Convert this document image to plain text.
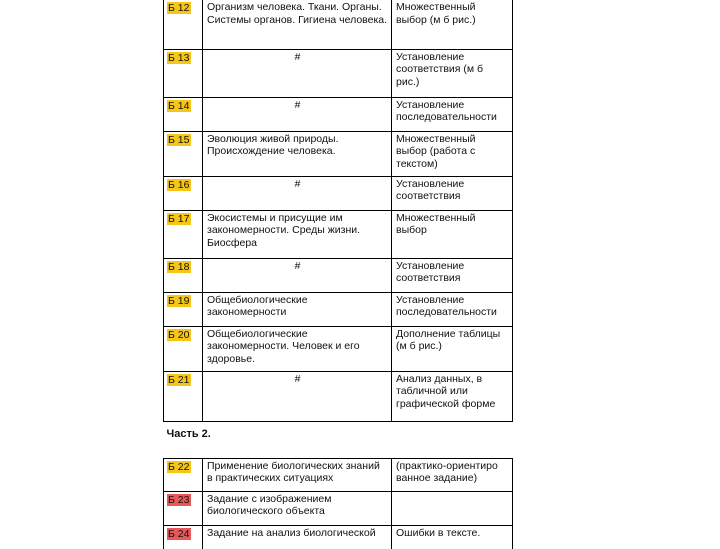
Б 12	Организм человека. Ткани. Органы. Системы органов. Гигиена человека.	Множественный выбор (м б рис.)
Б 13	#	Установление соответствия (м б рис.)
Б 14	#	Установление последовательности
Б 15	Эволюция живой природы. Происхождение человека.	Множественный выбор (работа с текстом)
Б 16	#	Установление соответствия
Б 17	Экосистемы и присущие им закономерности. Среды жизни. Биосфера	Множественный выбор
Б 18	#	Установление соответствия
Б 19	Общебиологические закономерности	Установление последовательности
Б 20	Общебиологические закономерности. Человек и его здоровье.	Дополнение таблицы (м б рис.)
Б 21	#	Анализ данных, в табличной или графической форме
Часть 2.		
Б 22	Применение биологических знаний в практических ситуациях	(практико-ориентиро ванное задание)
Б 23	Задание с изображением биологического объекта	
Б 24	Задание на анализ биологической	Ошибки в тексте.
